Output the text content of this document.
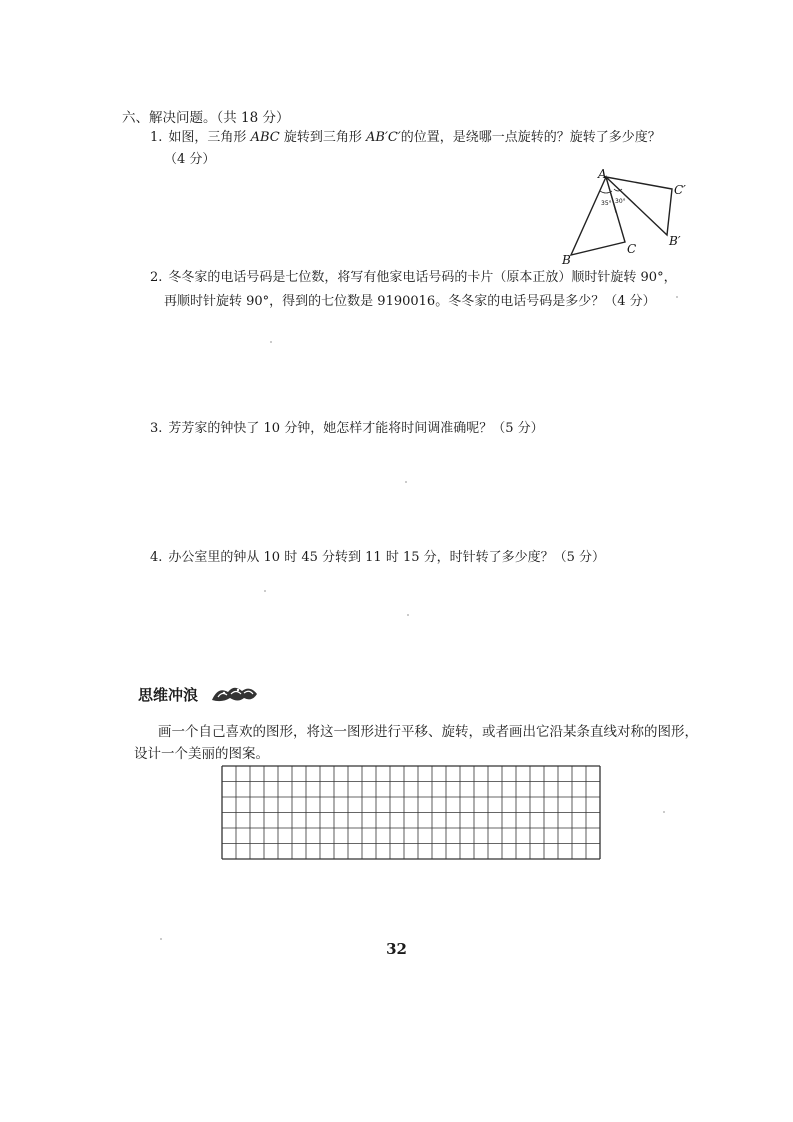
六、解决问题。（共 18 分）
1. 如图，三角形 ABC 旋转到三角形 AB′C′的位置，是绕哪一点旋转的？旋转了多少度？
（4 分）
A
B
C
B′
C′
35° 30°
2. 冬冬家的电话号码是七位数，将写有他家电话号码的卡片（原本正放）顺时针旋转 90°，
再顺时针旋转 90°，得到的七位数是 9190016。冬冬家的电话号码是多少？（4 分）
3. 芳芳家的钟快了 10 分钟，她怎样才能将时间调准确呢？（5 分）
4. 办公室里的钟从 10 时 45 分转到 11 时 15 分，时针转了多少度？（5 分）
思维冲浪
画一个自己喜欢的图形，将这一图形进行平移、旋转，或者画出它沿某条直线对称的图形，
设计一个美丽的图案。
32
